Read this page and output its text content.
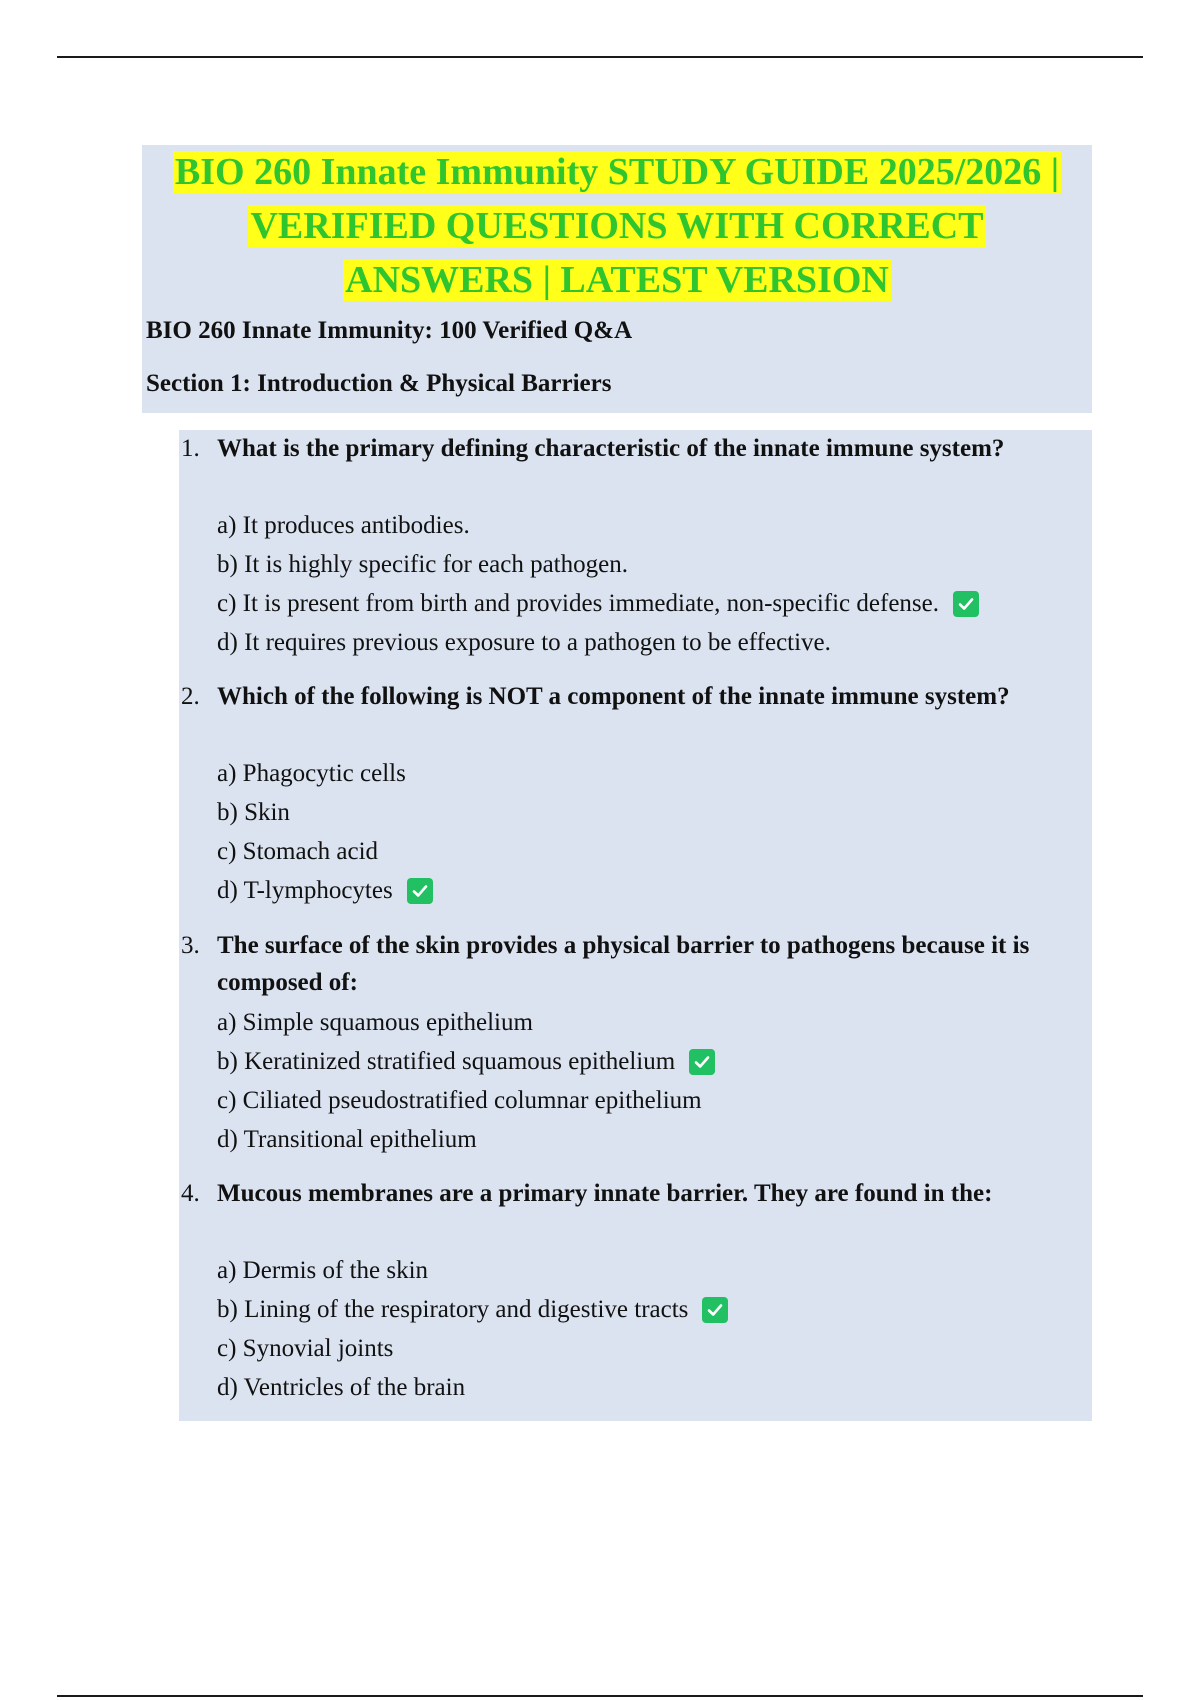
BIO 260 Innate Immunity STUDY GUIDE 2025/2026 |
VERIFIED QUESTIONS WITH CORRECT
ANSWERS | LATEST VERSION

BIO 260 Innate Immunity: 100 Verified Q&A

Section 1: Introduction & Physical Barriers

1. What is the primary defining characteristic of the innate immune system?

a) It produces antibodies.
b) It is highly specific for each pathogen.
c) It is present from birth and provides immediate, non-specific defense.
d) It requires previous exposure to a pathogen to be effective.
2. Which of the following is NOT a component of the innate immune system?

a) Phagocytic cells
b) Skin
c) Stomach acid
d) T-lymphocytes
3. The surface of the skin provides a physical barrier to pathogens because it is composed of:

a) Simple squamous epithelium
b) Keratinized stratified squamous epithelium
c) Ciliated pseudostratified columnar epithelium
d) Transitional epithelium
4. Mucous membranes are a primary innate barrier. They are found in the:

a) Dermis of the skin
b) Lining of the respiratory and digestive tracts
c) Synovial joints
d) Ventricles of the brain
